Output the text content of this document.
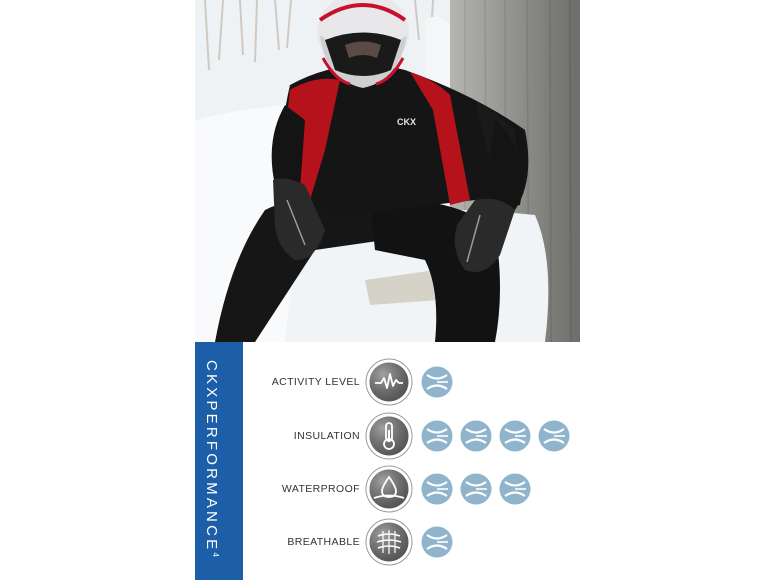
CKX
CKXPERFORMANCE$^4$
ACTIVITY LEVEL
INSULATION
WATERPROOF
BREATHABLE
